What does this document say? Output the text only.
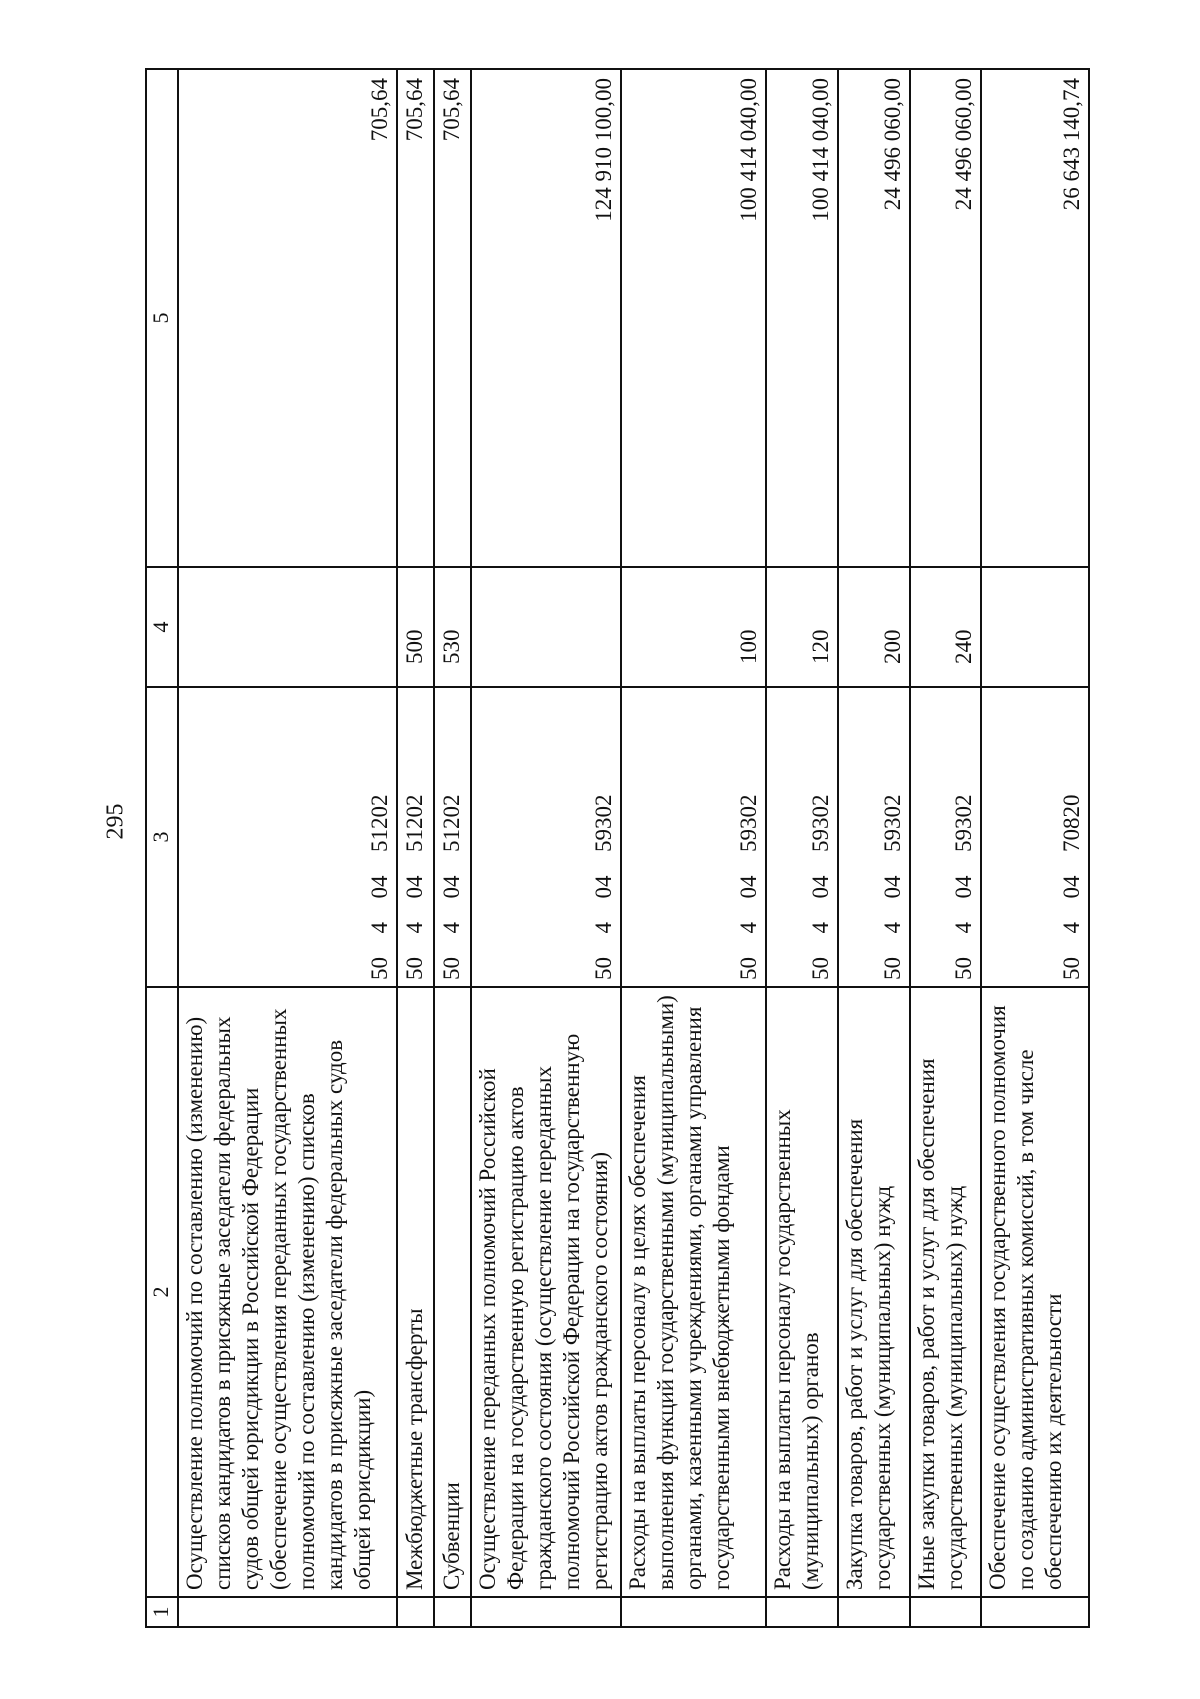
295
1	2	3	4	5
	Осуществление полномочий по составлению (изменению) списков кандидатов в присяжные заседатели федеральных судов общей юрисдикции в Российской Федерации (обеспечение осуществления переданных государственных полномочий по составлению (изменению) списков кандидатов в присяжные заседатели федеральных судов общей юрисдикции)	50  4  04  51202		705,64
	Межбюджетные трансферты	50  4  04  51202	500	705,64
	Субвенции	50  4  04  51202	530	705,64
	Осуществление переданных полномочий Российской Федерации на государственную регистрацию актов гражданского состояния (осуществление переданных полномочий Российской Федерации на государственную регистрацию актов гражданского состояния)	50  4  04  59302		124 910 100,00
	Расходы на выплаты персоналу в целях обеспечения выполнения функций государственными (муниципальными) органами, казенными учреждениями, органами управления государственными внебюджетными фондами	50  4  04  59302	100	100 414 040,00
	Расходы на выплаты персоналу государственных (муниципальных) органов	50  4  04  59302	120	100 414 040,00
	Закупка товаров, работ и услуг для обеспечения государственных (муниципальных) нужд	50  4  04  59302	200	24 496 060,00
	Иные закупки товаров, работ и услуг для обеспечения государственных (муниципальных) нужд	50  4  04  59302	240	24 496 060,00
	Обеспечение осуществления государственного полномочия по созданию административных комиссий, в том числе обеспечению их деятельности	50  4  04  70820		26 643 140,74
